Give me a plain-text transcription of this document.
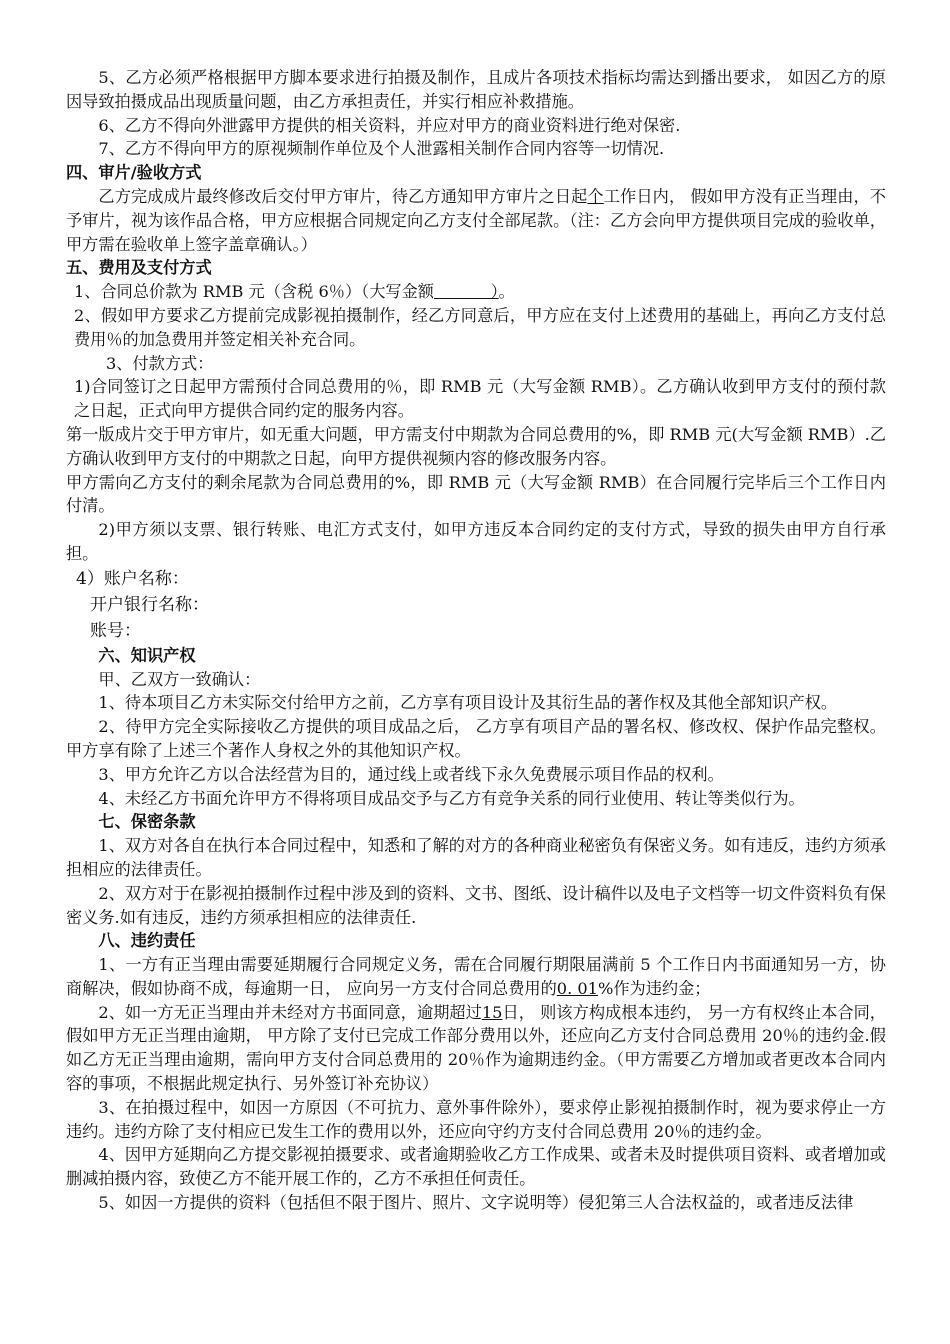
5、乙方必须严格根据甲方脚本要求进行拍摄及制作，且成片各项技术指标均需达到播出要求， 如因乙方的原因导致拍摄成品出现质量问题，由乙方承担责任，并实行相应补救措施。

6、乙方不得向外泄露甲方提供的相关资料，并应对甲方的商业资料进行绝对保密.

7、乙方不得向甲方的原视频制作单位及个人泄露相关制作合同内容等一切情况.

四、审片/验收方式

乙方完成成片最终修改后交付甲方审片，待乙方通知甲方审片之日起个工作日内， 假如甲方没有正当理由，不予审片，视为该作品合格，甲方应根据合同规定向乙方支付全部尾款。（注：乙方会向甲方提供项目完成的验收单，甲方需在验收单上签字盖章确认。）

五、费用及支付方式

1、合同总价款为 RMB 元（含税 6％）（大写金额           ）。

2、假如甲方要求乙方提前完成影视拍摄制作，经乙方同意后，甲方应在支付上述费用的基础上，再向乙方支付总费用％的加急费用并签定相关补充合同。

3、付款方式：

1)合同签订之日起甲方需预付合同总费用的％，即 RMB 元（大写金额 RMB）。乙方确认收到甲方支付的预付款之日起，正式向甲方提供合同约定的服务内容。

第一版成片交于甲方审片，如无重大问题，甲方需支付中期款为合同总费用的%，即 RMB 元(大写金额 RMB）.乙方确认收到甲方支付的中期款之日起，向甲方提供视频内容的修改服务内容。

甲方需向乙方支付的剩余尾款为合同总费用的%，即 RMB 元（大写金额 RMB）在合同履行完毕后三个工作日内付清。

2)甲方须以支票、银行转账、电汇方式支付，如甲方违反本合同约定的支付方式，导致的损失由甲方自行承担。

4）账户名称：

开户银行名称：

账号：

六、知识产权

甲、乙双方一致确认：

1、待本项目乙方未实际交付给甲方之前，乙方享有项目设计及其衍生品的著作权及其他全部知识产权。

2、待甲方完全实际接收乙方提供的项目成品之后， 乙方享有项目产品的署名权、修改权、保护作品完整权。甲方享有除了上述三个著作人身权之外的其他知识产权。

3、甲方允许乙方以合法经营为目的，通过线上或者线下永久免费展示项目作品的权利。

4、未经乙方书面允许甲方不得将项目成品交予与乙方有竞争关系的同行业使用、转让等类似行为。

七、保密条款

1、双方对各自在执行本合同过程中，知悉和了解的对方的各种商业秘密负有保密义务。如有违反，违约方须承担相应的法律责任。

2、双方对于在影视拍摄制作过程中涉及到的资料、文书、图纸、设计稿件以及电子文档等一切文件资料负有保密义务.如有违反，违约方须承担相应的法律责任.

八、违约责任

1、一方有正当理由需要延期履行合同规定义务，需在合同履行期限届满前 5 个工作日内书面通知另一方，协商解决，假如协商不成，每逾期一日， 应向另一方支付合同总费用的0. 01%作为违约金；

2、如一方无正当理由并未经对方书面同意，逾期超过15日， 则该方构成根本违约， 另一方有权终止本合同，假如甲方无正当理由逾期， 甲方除了支付已完成工作部分费用以外，还应向乙方支付合同总费用 20％的违约金.假如乙方无正当理由逾期，需向甲方支付合同总费用的 20％作为逾期违约金。（甲方需要乙方增加或者更改本合同内容的事项，不根据此规定执行、另外签订补充协议）

3、在拍摄过程中，如因一方原因（不可抗力、意外事件除外），要求停止影视拍摄制作时，视为要求停止一方违约。违约方除了支付相应已发生工作的费用以外，还应向守约方支付合同总费用 20％的违约金。

4、因甲方延期向乙方提交影视拍摄要求、或者逾期验收乙方工作成果、或者未及时提供项目资料、或者增加或删减拍摄内容，致使乙方不能开展工作的，乙方不承担任何责任。

5、如因一方提供的资料（包括但不限于图片、照片、文字说明等）侵犯第三人合法权益的，或者违反法律
